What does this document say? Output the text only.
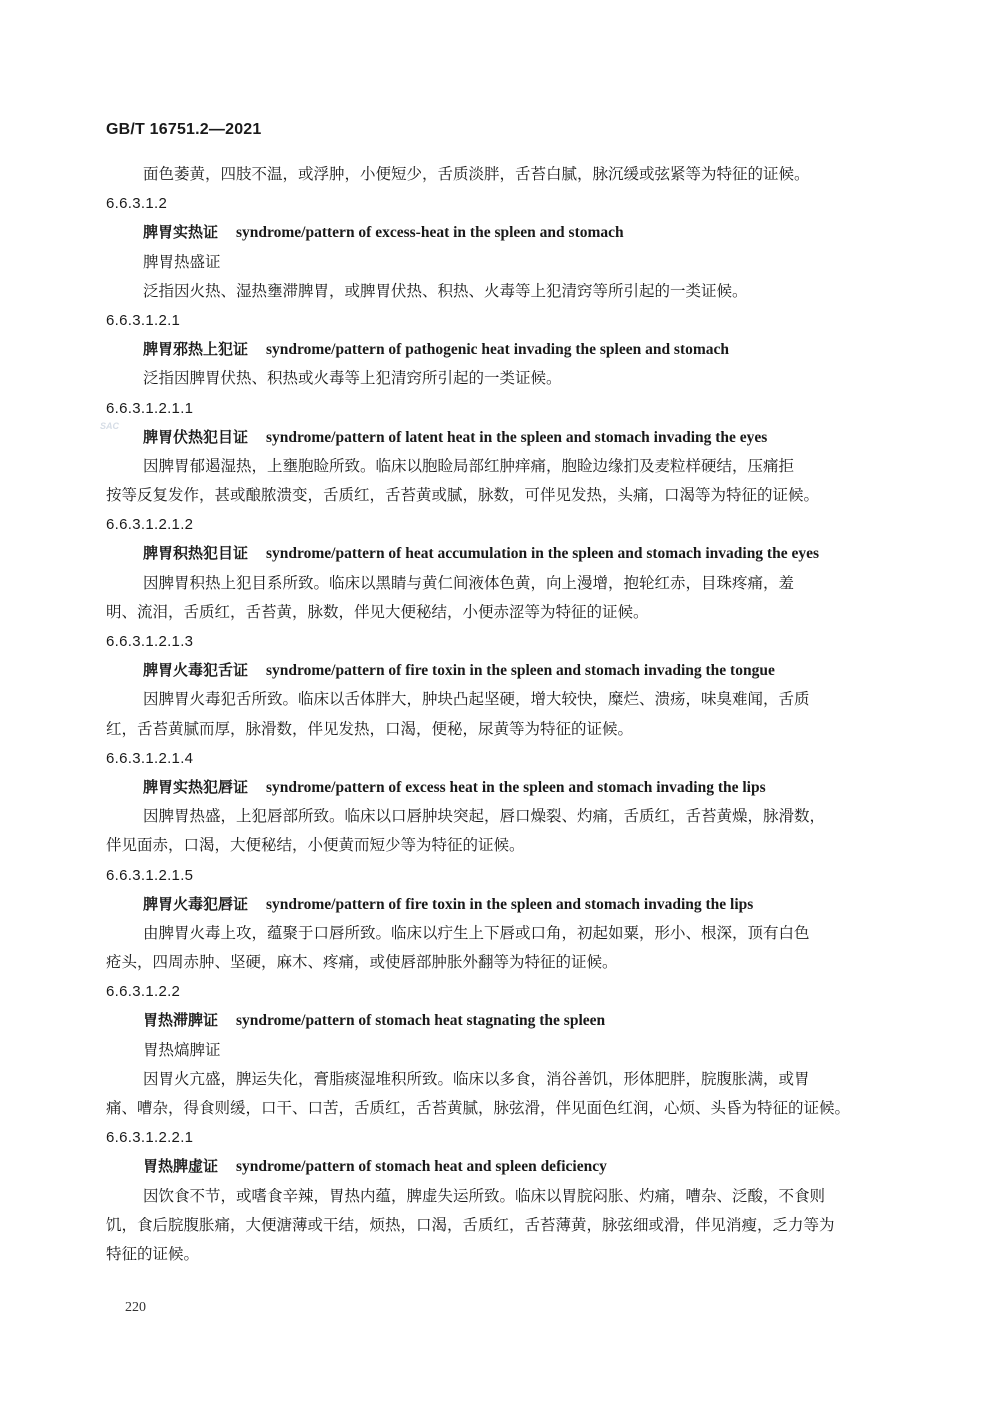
GB/T 16751.2—2021
SAC
面色萎黄，四肢不温，或浮肿，小便短少，舌质淡胖，舌苔白腻，脉沉缓或弦紧等为特征的证候。
6.6.3.1.2
脾胃实热证 syndrome/pattern of excess-heat in the spleen and stomach
脾胃热盛证
泛指因火热、湿热壅滞脾胃，或脾胃伏热、积热、火毒等上犯清窍等所引起的一类证候。
6.6.3.1.2.1
脾胃邪热上犯证 syndrome/pattern of pathogenic heat invading the spleen and stomach
泛指因脾胃伏热、积热或火毒等上犯清窍所引起的一类证候。
6.6.3.1.2.1.1
脾胃伏热犯目证 syndrome/pattern of latent heat in the spleen and stomach invading the eyes
因脾胃郁遏湿热，上壅胞睑所致。临床以胞睑局部红肿痒痛，胞睑边缘扪及麦粒样硬结，压痛拒
按等反复发作，甚或酿脓溃变，舌质红，舌苔黄或腻，脉数，可伴见发热，头痛，口渴等为特征的证候。
6.6.3.1.2.1.2
脾胃积热犯目证 syndrome/pattern of heat accumulation in the spleen and stomach invading the eyes
因脾胃积热上犯目系所致。临床以黑睛与黄仁间液体色黄，向上漫增，抱轮红赤，目珠疼痛，羞
明、流泪，舌质红，舌苔黄，脉数，伴见大便秘结，小便赤涩等为特征的证候。
6.6.3.1.2.1.3
脾胃火毒犯舌证 syndrome/pattern of fire toxin in the spleen and stomach invading the tongue
因脾胃火毒犯舌所致。临床以舌体胖大，肿块凸起坚硬，增大较快，糜烂、溃疡，味臭难闻，舌质
红，舌苔黄腻而厚，脉滑数，伴见发热，口渴，便秘，尿黄等为特征的证候。
6.6.3.1.2.1.4
脾胃实热犯唇证 syndrome/pattern of excess heat in the spleen and stomach invading the lips
因脾胃热盛，上犯唇部所致。临床以口唇肿块突起，唇口燥裂、灼痛，舌质红，舌苔黄燥，脉滑数，
伴见面赤，口渴，大便秘结，小便黄而短少等为特征的证候。
6.6.3.1.2.1.5
脾胃火毒犯唇证 syndrome/pattern of fire toxin in the spleen and stomach invading the lips
由脾胃火毒上攻，蕴聚于口唇所致。临床以疔生上下唇或口角，初起如粟，形小、根深，顶有白色
疮头，四周赤肿、坚硬，麻木、疼痛，或使唇部肿胀外翻等为特征的证候。
6.6.3.1.2.2
胃热滞脾证 syndrome/pattern of stomach heat stagnating the spleen
胃热熇脾证
因胃火亢盛，脾运失化，膏脂痰湿堆积所致。临床以多食，消谷善饥，形体肥胖，脘腹胀满，或胃
痛、嘈杂，得食则缓，口干、口苦，舌质红，舌苔黄腻，脉弦滑，伴见面色红润，心烦、头昏为特征的证候。
6.6.3.1.2.2.1
胃热脾虚证 syndrome/pattern of stomach heat and spleen deficiency
因饮食不节，或嗜食辛辣，胃热内蕴，脾虚失运所致。临床以胃脘闷胀、灼痛，嘈杂、泛酸，不食则
饥，食后脘腹胀痛，大便溏薄或干结，烦热，口渴，舌质红，舌苔薄黄，脉弦细或滑，伴见消瘦，乏力等为
特征的证候。
220
